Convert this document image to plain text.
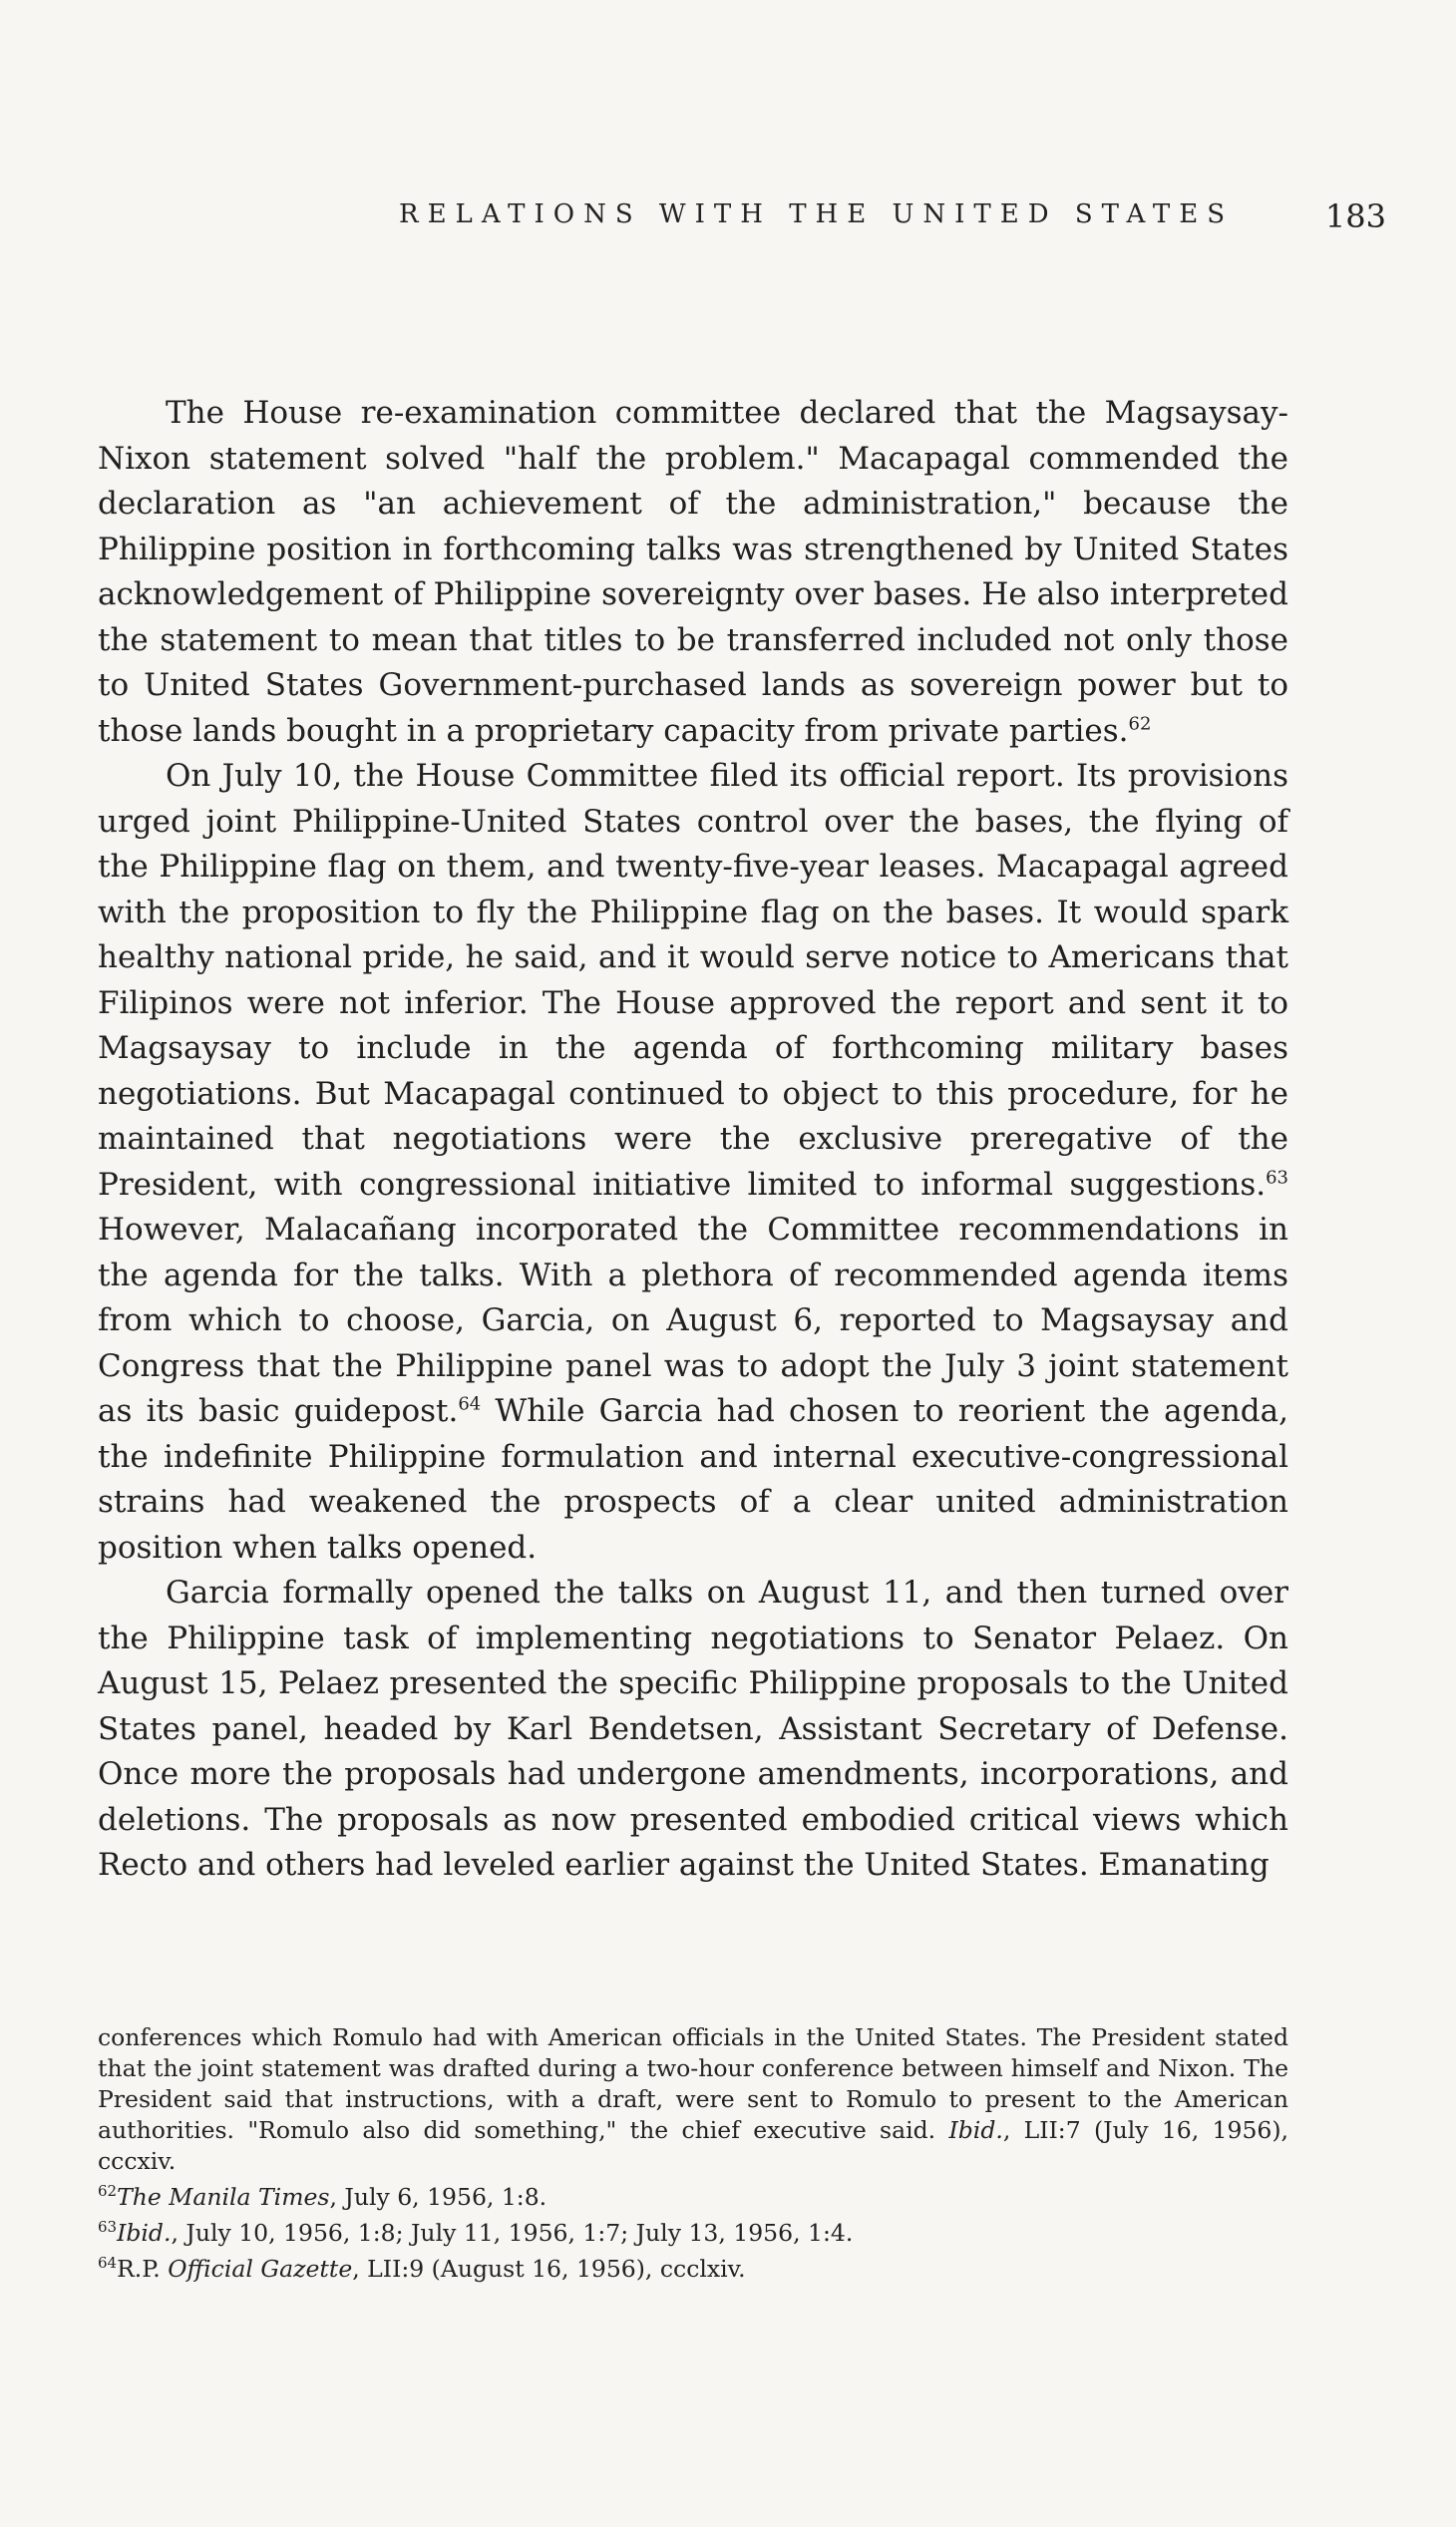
RELATIONS WITH THE UNITED STATES	183

The House re-examination committee declared that the Magsaysay-Nixon statement solved "half the problem." Macapagal commended the declaration as "an achievement of the administration," because the Philippine position in forthcoming talks was strengthened by United States acknowledgement of Philippine sovereignty over bases. He also interpreted the statement to mean that titles to be transferred included not only those to United States Government-purchased lands as sovereign power but to those lands bought in a proprietary capacity from private parties.$^{62}$

On July 10, the House Committee filed its official report. Its provisions urged joint Philippine-United States control over the bases, the flying of the Philippine flag on them, and twenty-five-year leases. Macapagal agreed with the proposition to fly the Philippine flag on the bases. It would spark healthy national pride, he said, and it would serve notice to Americans that Filipinos were not inferior. The House approved the report and sent it to Magsaysay to include in the agenda of forthcoming military bases negotiations. But Macapagal continued to object to this procedure, for he maintained that negotiations were the exclusive preregative of the President, with congressional initiative limited to informal suggestions.$^{63}$ However, Malacañang incorporated the Committee recommendations in the agenda for the talks. With a plethora of recommended agenda items from which to choose, Garcia, on August 6, reported to Magsaysay and Congress that the Philippine panel was to adopt the July 3 joint statement as its basic guidepost.$^{64}$ While Garcia had chosen to reorient the agenda, the indefinite Philippine formulation and internal executive-congressional strains had weakened the prospects of a clear united administration position when talks opened.

Garcia formally opened the talks on August 11, and then turned over the Philippine task of implementing negotiations to Senator Pelaez. On August 15, Pelaez presented the specific Philippine proposals to the United States panel, headed by Karl Bendetsen, Assistant Secretary of Defense. Once more the proposals had undergone amendments, incorporations, and deletions. The proposals as now presented embodied critical views which Recto and others had leveled earlier against the United States. Emanating

conferences which Romulo had with American officials in the United States. The President stated that the joint statement was drafted during a two-hour conference between himself and Nixon. The President said that instructions, with a draft, were sent to Romulo to present to the American authorities. "Romulo also did something," the chief executive said. Ibid., LII:7 (July 16, 1956), cccxiv.

$^{62}$The Manila Times, July 6, 1956, 1:8.

$^{63}$Ibid., July 10, 1956, 1:8; July 11, 1956, 1:7; July 13, 1956, 1:4.

$^{64}$R.P. Official Gazette, LII:9 (August 16, 1956), ccclxiv.
